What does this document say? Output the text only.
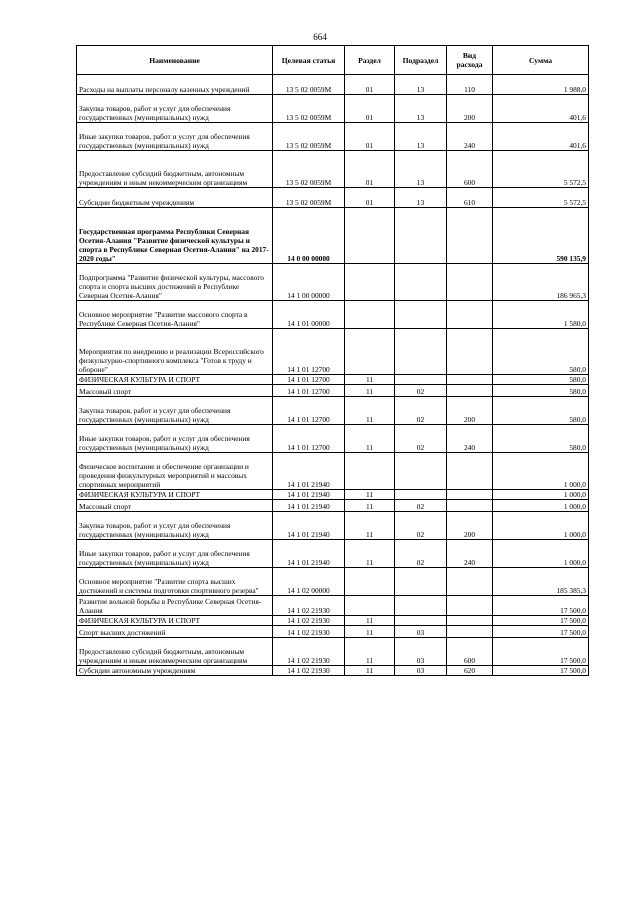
664
Наименование	Целевая статья	Раздел	Подраздел	Вид расхода	Сумма
Расходы на выплаты персоналу казенных учреждений	13 5 02 0059М	01	13	110	1 988,0
Закупка товаров, работ и услуг для обеспечения государственных (муниципальных) нужд	13 5 02 0059М	01	13	200	401,6
Иные закупки товаров, работ и услуг для обеспечения государственных (муниципальных) нужд	13 5 02 0059М	01	13	240	401,6
Предоставление субсидий бюджетным, автономным учреждениям и иным некоммерческим организациям	13 5 02 0059М	01	13	600	5 572,5
Субсидии бюджетным учреждениям	13 5 02 0059М	01	13	610	5 572,5
Государственная программа Республики Северная Осетия-Алания "Развитие физической культуры и спорта в Республике Северная Осетия-Алания" на 2017-2020 годы"	14 0 00 00000				590 135,9
Подпрограмма "Развитие физической культуры, массового спорта и спорта высших достижений в Республике Северная Осетия-Алания"	14 1 00 00000				186 965,3
Основное мероприятие "Развитие массового спорта в Республике Северная Осетия-Алания"	14 1 01 00000				1 580,0
Мероприятия по внедрению и реализации Всероссийского физкультурно-спортивного комплекса "Готов к труду и обороне"	14 1 01 12700				580,0
ФИЗИЧЕСКАЯ КУЛЬТУРА И СПОРТ	14 1 01 12700	11			580,0
Массовый спорт	14 1 01 12700	11	02		580,0
Закупка товаров, работ и услуг для обеспечения государственных (муниципальных) нужд	14 1 01 12700	11	02	200	580,0
Иные закупки товаров, работ и услуг для обеспечения государственных (муниципальных) нужд	14 1 01 12700	11	02	240	580,0
Физическое воспитание и обеспечение организации и проведения физкультурных мероприятий и массовых спортивных мероприятий	14 1 01 21940				1 000,0
ФИЗИЧЕСКАЯ КУЛЬТУРА И СПОРТ	14 1 01 21940	11			1 000,0
Массовый спорт	14 1 01 21940	11	02		1 000,0
Закупка товаров, работ и услуг для обеспечения государственных (муниципальных) нужд	14 1 01 21940	11	02	200	1 000,0
Иные закупки товаров, работ и услуг для обеспечения государственных (муниципальных) нужд	14 1 01 21940	11	02	240	1 000,0
Основное мероприятие "Развитие спорта высших достижений и системы подготовки спортивного резерва"	14 1 02 00000				185 385,3
Развитие вольной борьбы в Республике Северная Осетия-Алания	14 1 02 21930				17 500,0
ФИЗИЧЕСКАЯ КУЛЬТУРА И СПОРТ	14 1 02 21930	11			17 500,0
Спорт высших достижений	14 1 02 21930	11	03		17 500,0
Предоставление субсидий бюджетным, автономным учреждениям и иным некоммерческим организациям	14 1 02 21930	11	03	600	17 500,0
Субсидии автономным учреждениям	14 1 02 21930	11	03	620	17 500,0
